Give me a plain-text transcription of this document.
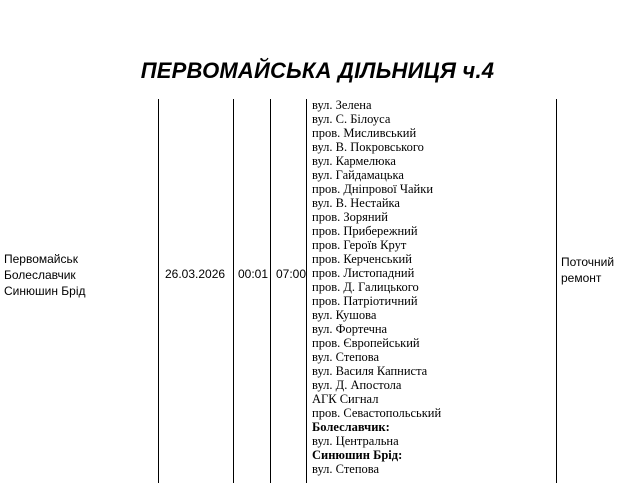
ПЕРВОМАЙСЬКА ДІЛЬНИЦЯ ч.4
Первомайськ
Болеславчик
Синюшин Брід
26.03.2026 00:01 07:00
вул. Зелена
вул. С. Білоуса
пров. Мисливський
вул. В. Покровського
вул. Кармелюка
вул. Гайдамацька
пров. Дніпрової Чайки
вул. В. Нестайка
пров. Зоряний
пров. Прибережний
пров. Героїв Крут
пров. Керченський
пров. Листопадний
пров. Д. Галицького
пров. Патріотичний
вул. Кушова
вул. Фортечна
пров. Європейський
вул. Степова
вул. Василя Капниста
вул. Д. Апостола
АГК Сигнал
пров. Севастопольський
Болеславчик:
вул. Центральна
Синюшин Брід:
вул. Степова
Поточний
ремонт
